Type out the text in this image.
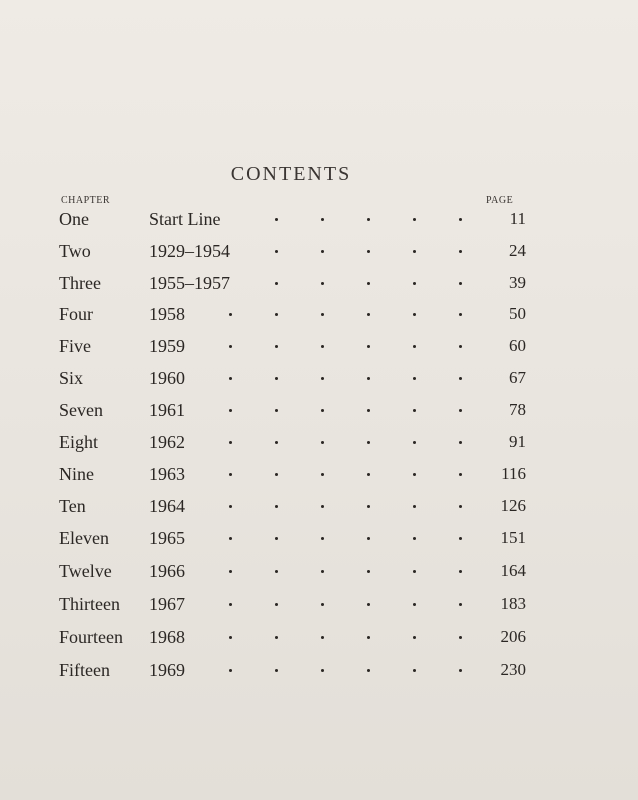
CONTENTS
CHAPTER	PAGE
One	Start Line	11
Two	1929–1954	24
Three	1955–1957	39
Four	1958	50
Five	1959	60
Six	1960	67
Seven	1961	78
Eight	1962	91
Nine	1963	116
Ten	1964	126
Eleven 1965	151
Twelve 1966	164
Thirteen 1967	183
Fourteen 1968	206
Fifteen 1969	230
